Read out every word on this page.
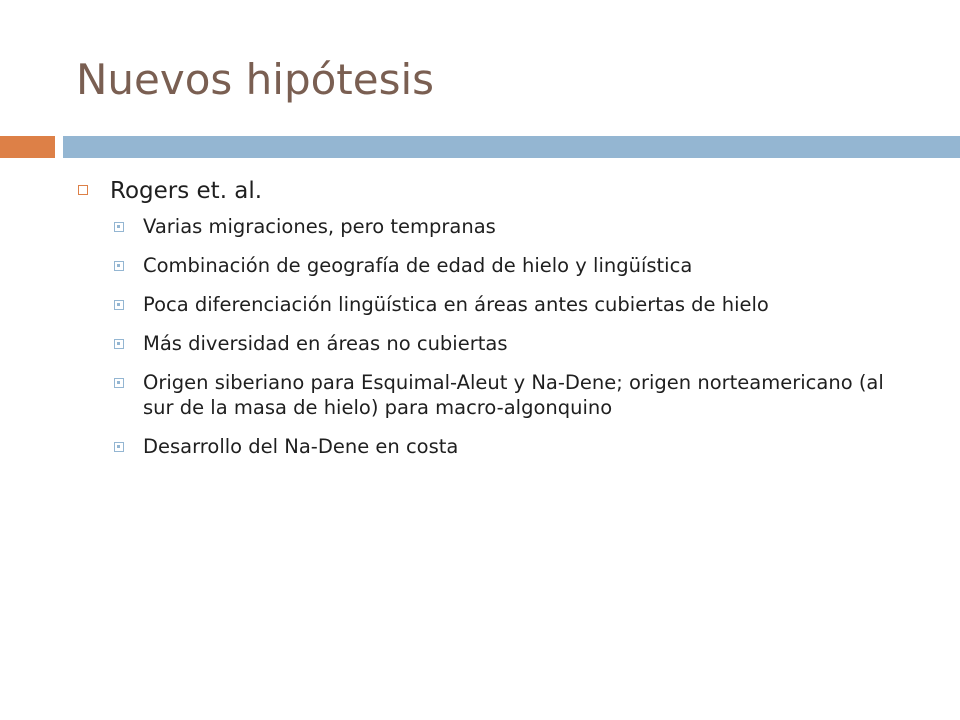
Nuevos hipótesis
Rogers et. al.
Varias migraciones, pero tempranas
Combinación de geografía de edad de hielo y lingüística
Poca diferenciación lingüística en áreas antes cubiertas de hielo
Más diversidad en áreas no cubiertas
Origen siberiano para Esquimal-Aleut y Na-Dene; origen norteamericano (al sur de la masa de hielo) para macro-algonquino
Desarrollo del Na-Dene en costa
